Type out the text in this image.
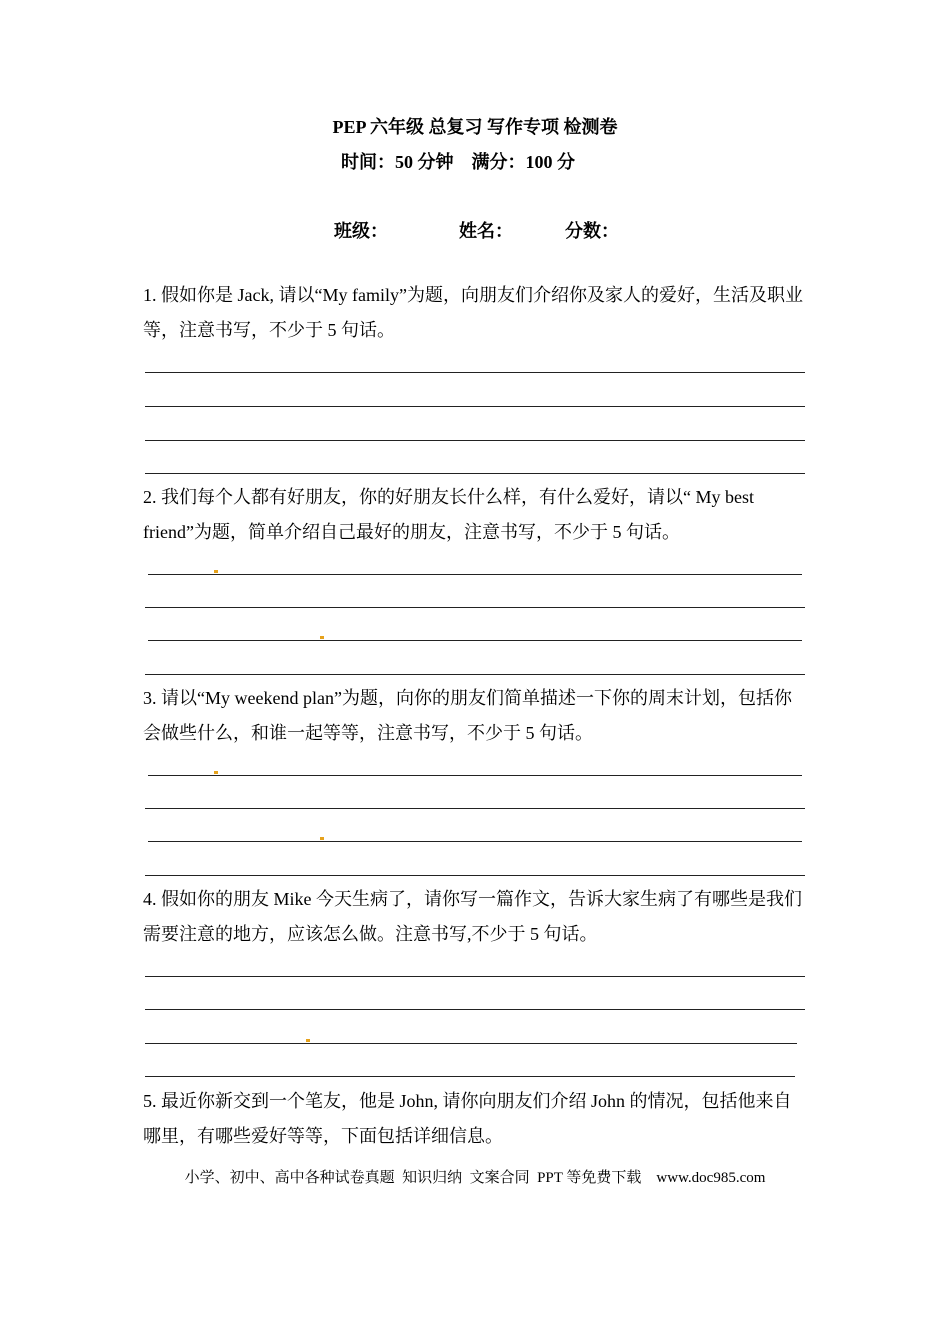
PEP 六年级 总复习 写作专项 检测卷
时间：50 分钟    满分：100 分
班级：	姓名：	分数：
1. 假如你是 Jack, 请以“My family”为题，向朋友们介绍你及家人的爱好，生活及职业等，注意书写，不少于 5 句话。
2. 我们每个人都有好朋友，你的好朋友长什么样，有什么爱好，请以“ My best friend”为题，简单介绍自己最好的朋友，注意书写，不少于 5 句话。
3. 请以“My weekend plan”为题，向你的朋友们简单描述一下你的周末计划，包括你会做些什么，和谁一起等等，注意书写，不少于 5 句话。
4. 假如你的朋友 Mike 今天生病了，请你写一篇作文，告诉大家生病了有哪些是我们需要注意的地方，应该怎么做。注意书写,不少于 5 句话。
5. 最近你新交到一个笔友，他是 John, 请你向朋友们介绍 John 的情况，包括他来自哪里，有哪些爱好等等，下面包括详细信息。
小学、初中、高中各种试卷真题  知识归纳  文案合同  PPT 等免费下载    www.doc985.com
